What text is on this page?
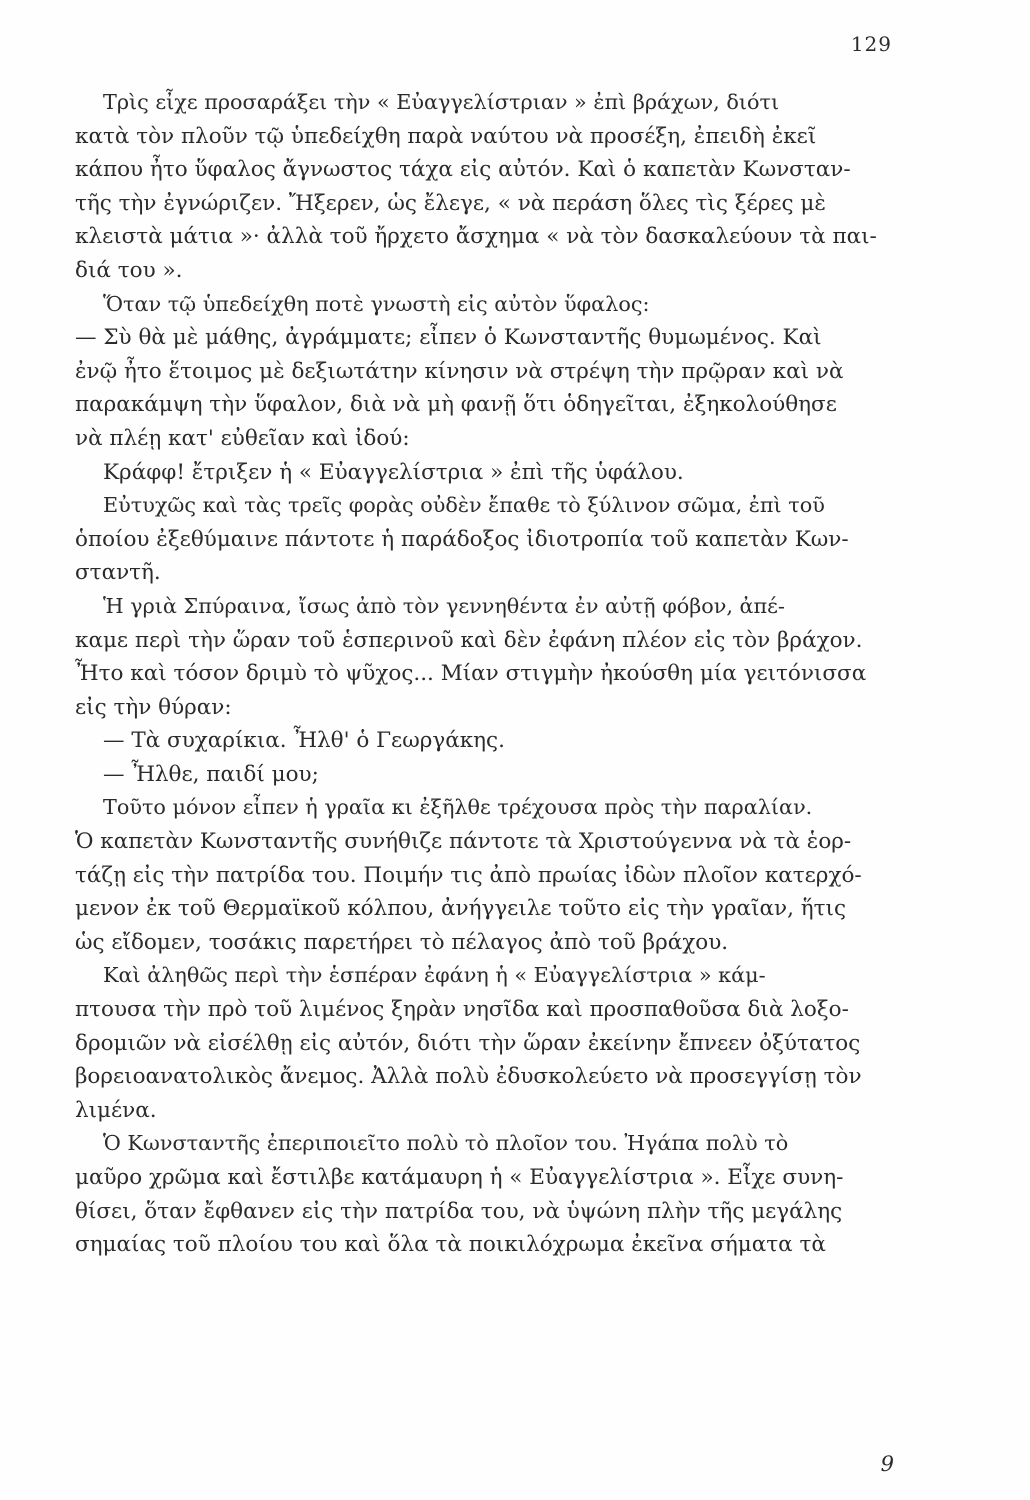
129
Τρὶς εἶχε προσαράξει τὴν « Εὐαγγελίστριαν » ἐπὶ βράχων, διότι
κατὰ τὸν πλοῦν τῷ ὑπεδείχθη παρὰ ναύτου νὰ προσέξη, ἐπειδὴ ἐκεῖ
κάπου ἦτο ὕφαλος ἄγνωστος τάχα εἰς αὐτόν. Καὶ ὁ καπετὰν Κωνσταν-
τῆς τὴν ἐγνώριζεν. Ἤξερεν, ὡς ἔλεγε, « νὰ περάση ὅλες τὶς ξέρες μὲ
κλειστὰ μάτια »· ἀλλὰ τοῦ ἤρχετο ἄσχημα « νὰ τὸν δασκαλεύουν τὰ παι-
διά του ».
Ὅταν τῷ ὑπεδείχθη ποτὲ γνωστὴ εἰς αὐτὸν ὕφαλος:
— Σὺ θὰ μὲ μάθης, ἀγράμματε; εἶπεν ὁ Κωνσταντῆς θυμωμένος. Καὶ
ἐνῷ ἦτο ἕτοιμος μὲ δεξιωτάτην κίνησιν νὰ στρέψη τὴν πρῷραν καὶ νὰ
παρακάμψη τὴν ὕφαλον, διὰ νὰ μὴ φανῇ ὅτι ὁδηγεῖται, ἐξηκολούθησε
νὰ πλέῃ κατ' εὐθεῖαν καὶ ἰδού:
Κράφφ! ἔτριξεν ἡ « Εὐαγγελίστρια » ἐπὶ τῆς ὑφάλου.
Εὐτυχῶς καὶ τὰς τρεῖς φορὰς οὐδὲν ἔπαθε τὸ ξύλινον σῶμα, ἐπὶ τοῦ
ὁποίου ἐξεθύμαινε πάντοτε ἡ παράδοξος ἰδιοτροπία τοῦ καπετὰν Κων-
σταντῆ.
Ἡ γριὰ Σπύραινα, ἴσως ἀπὸ τὸν γεννηθέντα ἐν αὐτῇ φόβον, ἀπέ-
καμε περὶ τὴν ὥραν τοῦ ἑσπερινοῦ καὶ δὲν ἐφάνη πλέον εἰς τὸν βράχον.
Ἦτο καὶ τόσον δριμὺ τὸ ψῦχος... Μίαν στιγμὴν ἠκούσθη μία γειτόνισσα
εἰς τὴν θύραν:
— Τὰ συχαρίκια. Ἦλθ' ὁ Γεωργάκης.
— Ἦλθε, παιδί μου;
Τοῦτο μόνον εἶπεν ἡ γραῖα κι ἐξῆλθε τρέχουσα πρὸς τὴν παραλίαν.
Ὁ καπετὰν Κωνσταντῆς συνήθιζε πάντοτε τὰ Χριστούγεννα νὰ τὰ ἑορ-
τάζῃ εἰς τὴν πατρίδα του. Ποιμήν τις ἀπὸ πρωίας ἰδὼν πλοῖον κατερχό-
μενον ἐκ τοῦ Θερμαϊκοῦ κόλπου, ἀνήγγειλε τοῦτο εἰς τὴν γραῖαν, ἥτις
ὡς εἴδομεν, τοσάκις παρετήρει τὸ πέλαγος ἀπὸ τοῦ βράχου.
Καὶ ἀληθῶς περὶ τὴν ἑσπέραν ἐφάνη ἡ « Εὐαγγελίστρια » κάμ-
πτουσα τὴν πρὸ τοῦ λιμένος ξηρὰν νησῖδα καὶ προσπαθοῦσα διὰ λοξο-
δρομιῶν νὰ εἰσέλθῃ εἰς αὐτόν, διότι τὴν ὥραν ἐκείνην ἔπνεεν ὀξύτατος
βορειοανατολικὸς ἄνεμος. Ἀλλὰ πολὺ ἐδυσκολεύετο νὰ προσεγγίσῃ τὸν
λιμένα.
Ὁ Κωνσταντῆς ἐπεριποιεῖτο πολὺ τὸ πλοῖον του. Ἠγάπα πολὺ τὸ
μαῦρο χρῶμα καὶ ἔστιλβε κατάμαυρη ἡ « Εὐαγγελίστρια ». Εἶχε συνη-
θίσει, ὅταν ἔφθανεν εἰς τὴν πατρίδα του, νὰ ὑψώνη πλὴν τῆς μεγάλης
σημαίας τοῦ πλοίου του καὶ ὅλα τὰ ποικιλόχρωμα ἐκεῖνα σήματα τὰ
9
